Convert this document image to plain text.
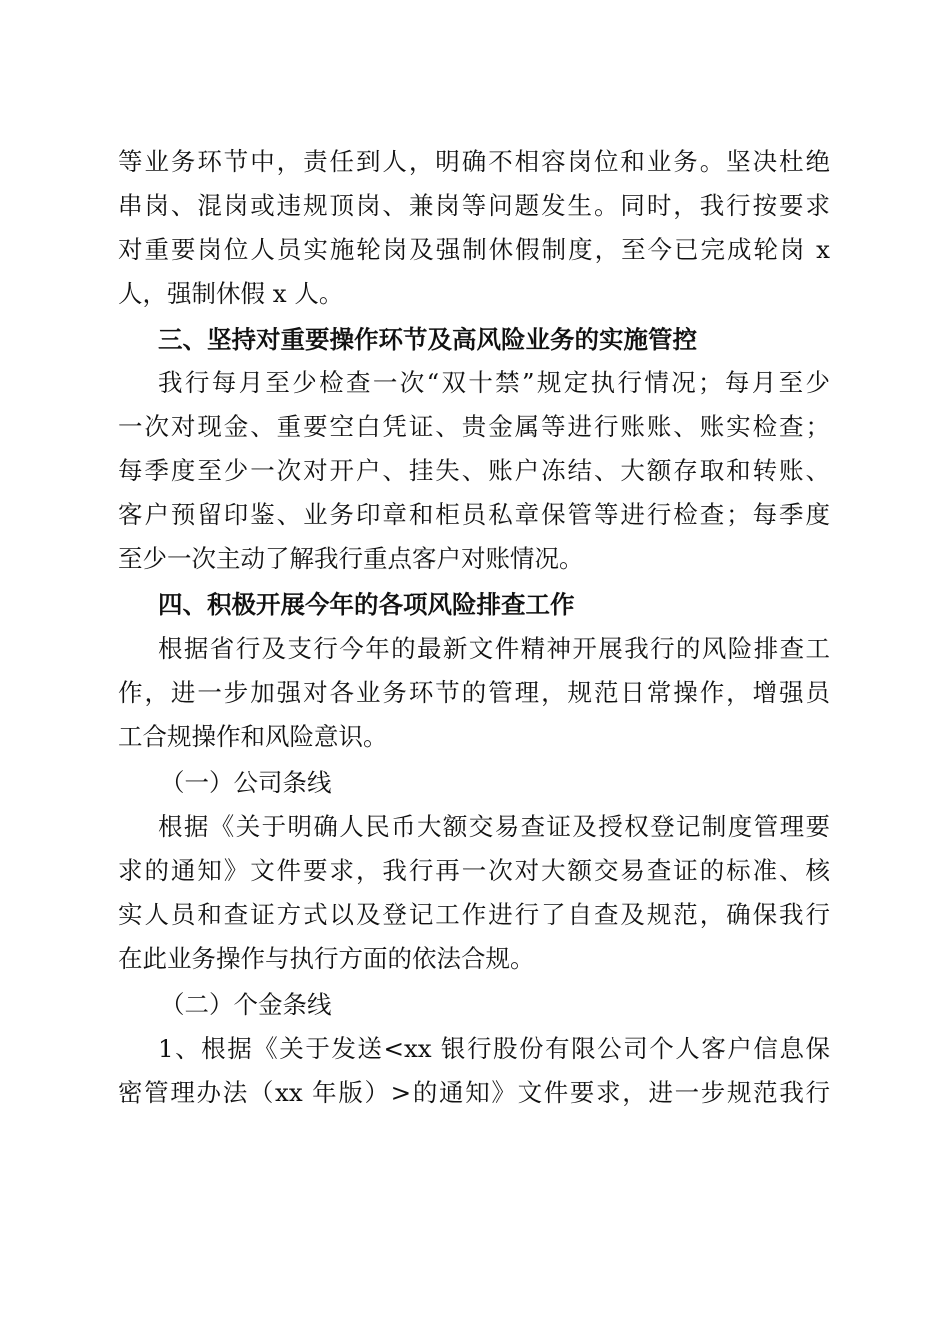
等业务环节中，责任到人，明确不相容岗位和业务。坚决杜绝
串岗、混岗或违规顶岗、兼岗等问题发生。同时，我行按要求
对重要岗位人员实施轮岗及强制休假制度，至今已完成轮岗 x
人，强制休假 x 人。
三、坚持对重要操作环节及高风险业务的实施管控
我行每月至少检查一次“双十禁”规定执行情况；每月至少
一次对现金、重要空白凭证、贵金属等进行账账、账实检查；
每季度至少一次对开户、挂失、账户冻结、大额存取和转账、
客户预留印鉴、业务印章和柜员私章保管等进行检查；每季度
至少一次主动了解我行重点客户对账情况。
四、积极开展今年的各项风险排查工作
根据省行及支行今年的最新文件精神开展我行的风险排查工
作，进一步加强对各业务环节的管理，规范日常操作，增强员
工合规操作和风险意识。
（一）公司条线
根据《关于明确人民币大额交易查证及授权登记制度管理要
求的通知》文件要求，我行再一次对大额交易查证的标准、核
实人员和查证方式以及登记工作进行了自查及规范，确保我行
在此业务操作与执行方面的依法合规。
（二）个金条线
1、根据《关于发送<xx 银行股份有限公司个人客户信息保
密管理办法（xx 年版）>的通知》文件要求，进一步规范我行
